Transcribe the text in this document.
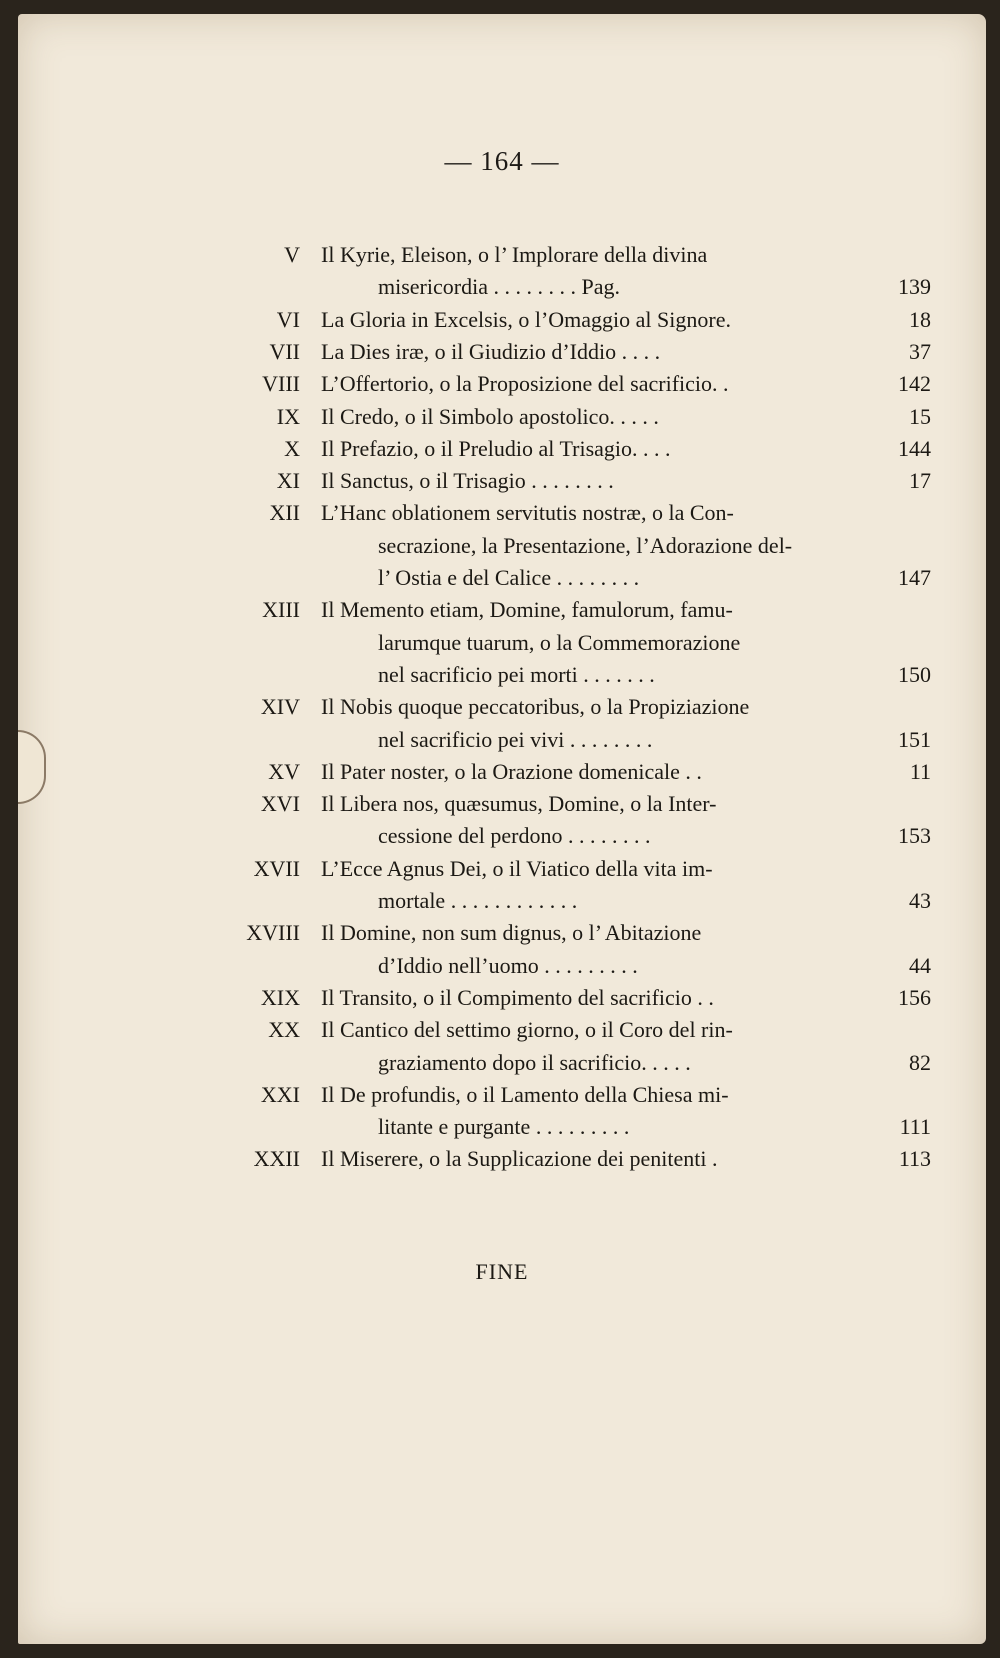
— 164 —
V Il Kyrie, Eleison, o l’ Implorare della divina
misericordia . . . . . . . . Pag.	139
VI La Gloria in Excelsis, o l’Omaggio al Signore.	18
VII La Dies iræ, o il Giudizio d’Iddio . . . .	37
VIII L’Offertorio, o la Proposizione del sacrificio. .	142
IX Il Credo, o il Simbolo apostolico. . . . .	15
X Il Prefazio, o il Preludio al Trisagio. . . .	144
XI Il Sanctus, o il Trisagio . . . . . . . .	17
XII L’Hanc oblationem servitutis nostræ, o la Con-
secrazione, la Presentazione, l’Adorazione del-
l’ Ostia e del Calice . . . . . . . .	147
XIII Il Memento etiam, Domine, famulorum, famu-
larumque tuarum, o la Commemorazione
nel sacrificio pei morti . . . . . . .	150
XIV Il Nobis quoque peccatoribus, o la Propiziazione
nel sacrificio pei vivi . . . . . . . .	151
XV Il Pater noster, o la Orazione domenicale . .	11
XVI Il Libera nos, quæsumus, Domine, o la Inter-
cessione del perdono . . . . . . . .	153
XVII L’Ecce Agnus Dei, o il Viatico della vita im-
mortale . . . . . . . . . . . .	43
XVIII Il Domine, non sum dignus, o l’ Abitazione
d’Iddio nell’uomo . . . . . . . . .	44
XIX Il Transito, o il Compimento del sacrificio . .	156
XX Il Cantico del settimo giorno, o il Coro del rin-
graziamento dopo il sacrificio. . . . .	82
XXI Il De profundis, o il Lamento della Chiesa mi-
litante e purgante . . . . . . . . .	111
XXII Il Miserere, o la Supplicazione dei penitenti .	113
FINE
